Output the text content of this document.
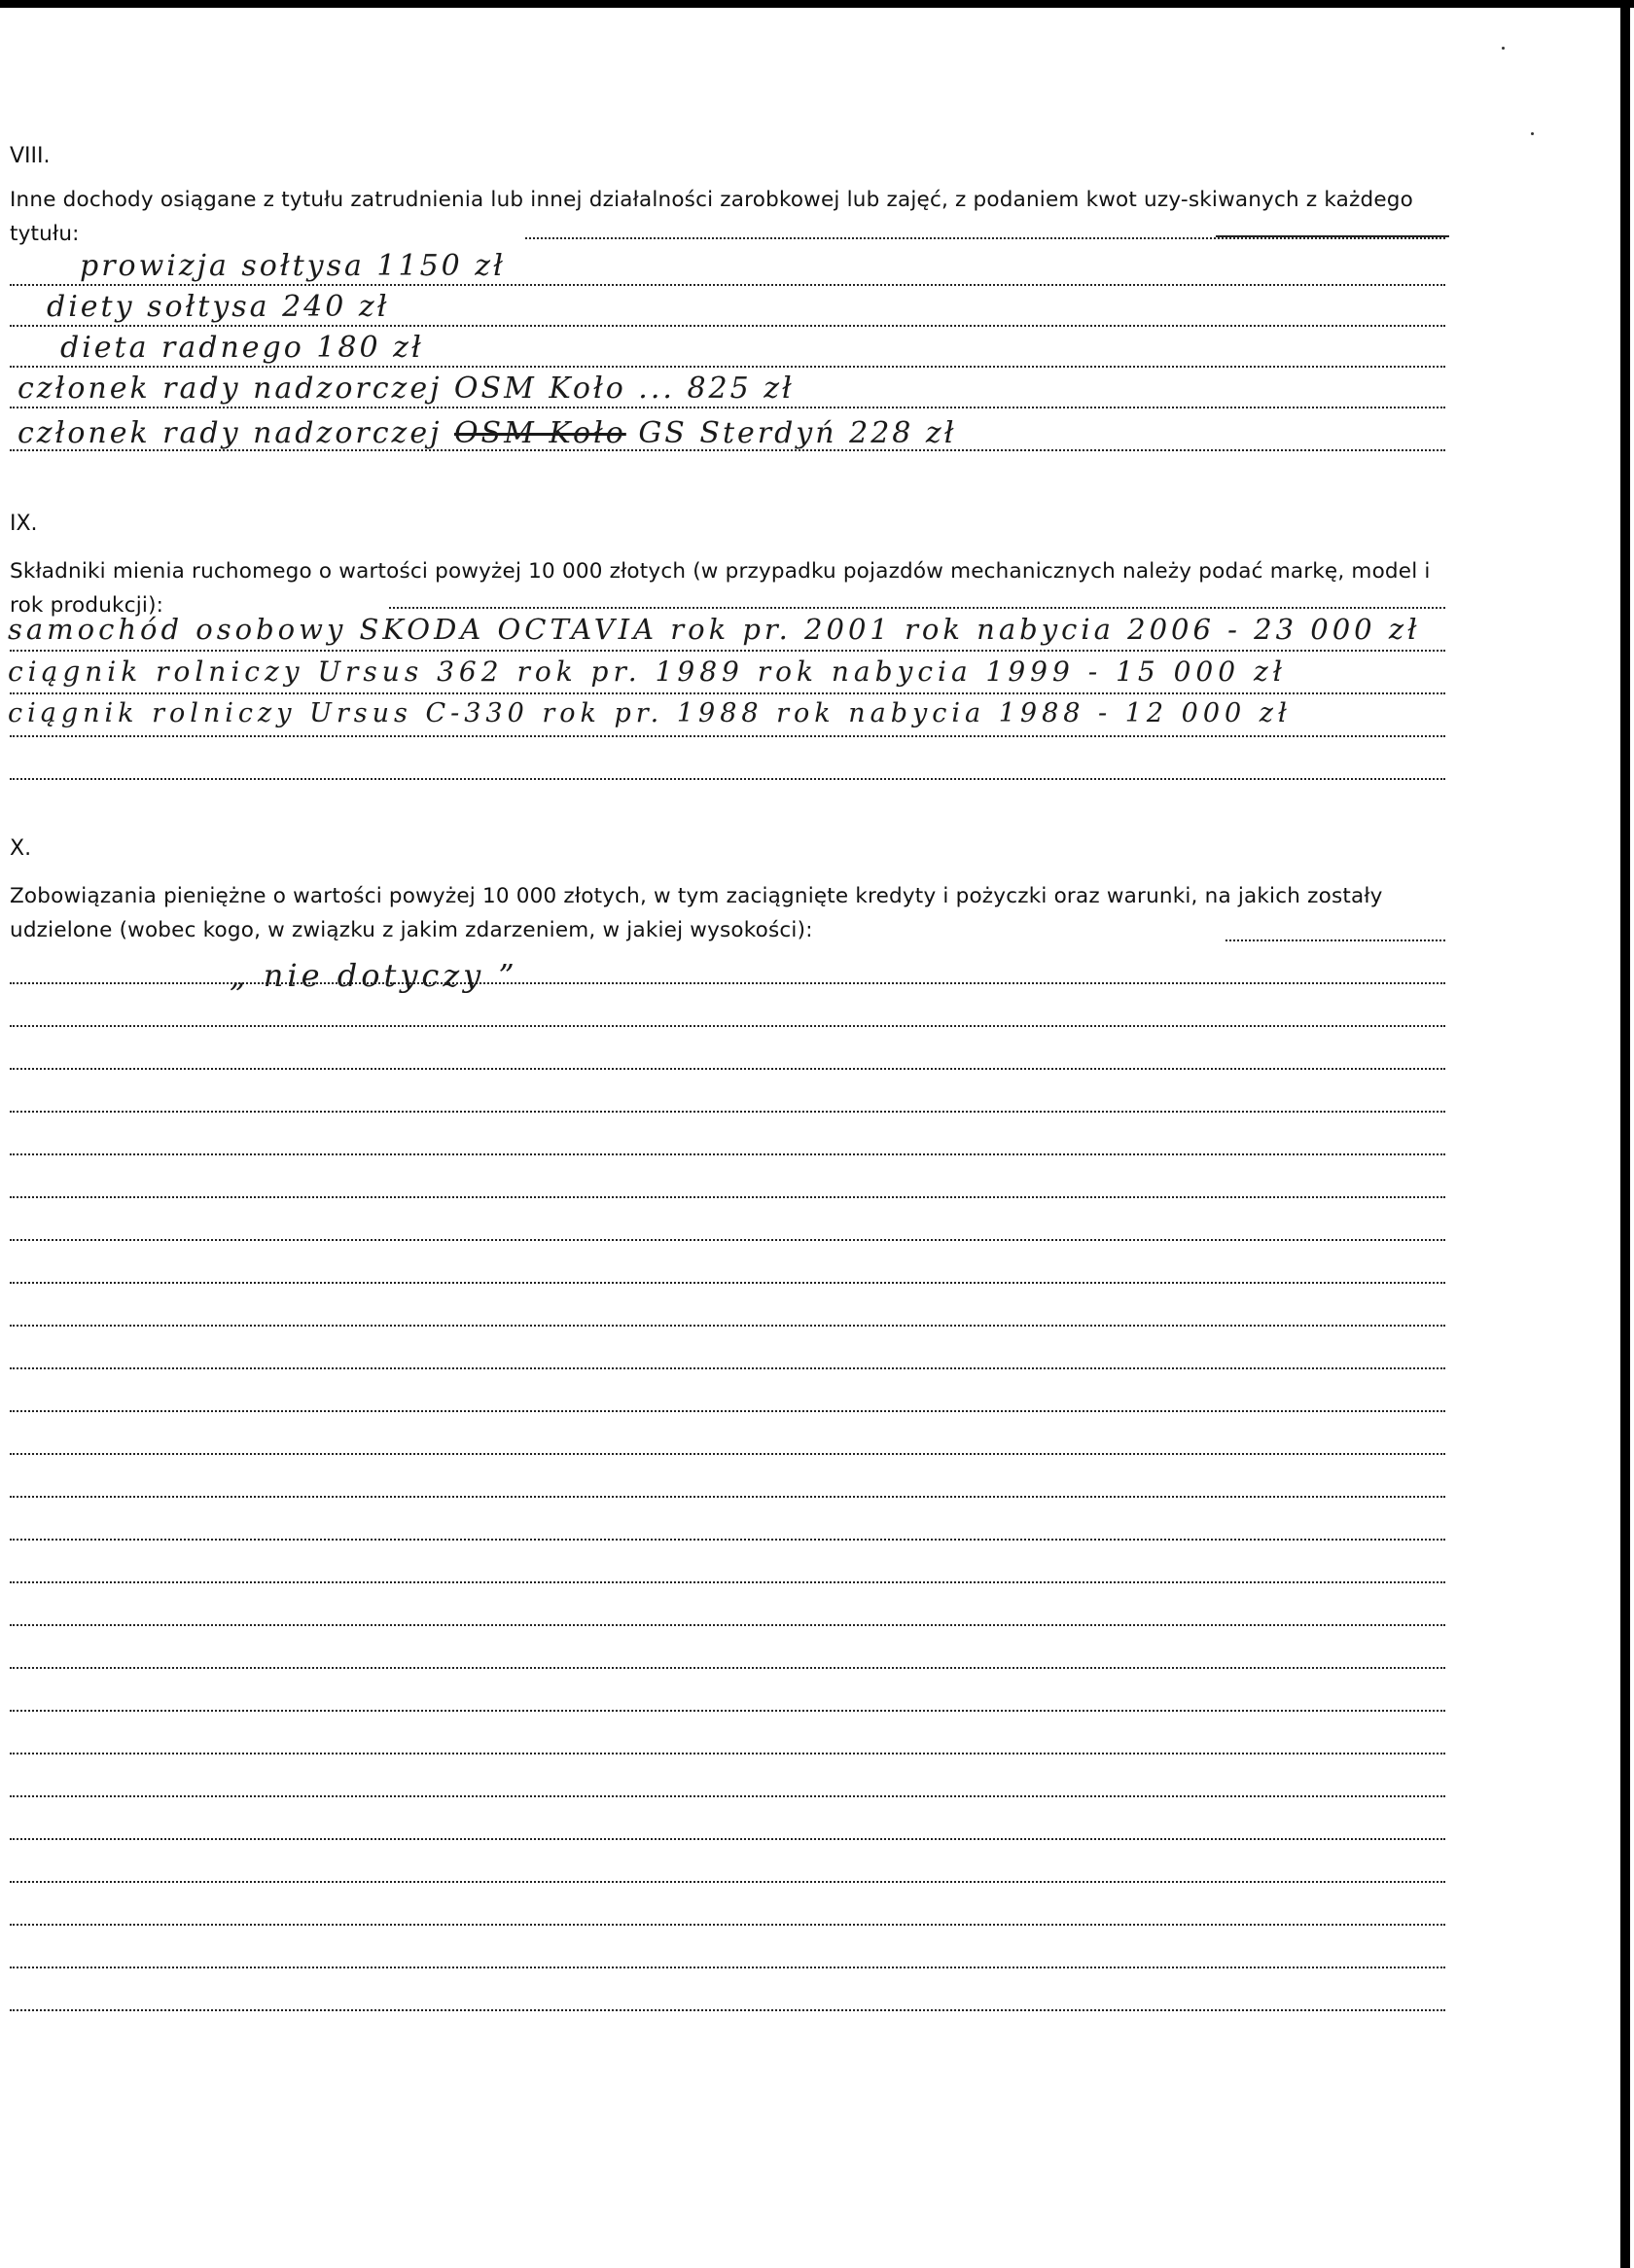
VIII.
Inne dochody osiągane z tytułu zatrudnienia lub innej działalności zarobkowej lub zajęć, z podaniem kwot uzy-skiwanych z każdego tytułu:
prowizja sołtysa 1150 zł
diety sołtysa 240 zł
dieta radnego 180 zł
członek rady nadzorczej OSM Koło ... 825 zł
członek rady nadzorczej OSM Koło GS Sterdyń 228 zł
IX.
Składniki mienia ruchomego o wartości powyżej 10 000 złotych (w przypadku pojazdów mechanicznych należy podać markę, model i rok produkcji):
samochód osobowy SKODA OCTAVIA rok pr. 2001 rok nabycia 2006 - 23 000 zł
ciągnik rolniczy Ursus 362 rok pr. 1989 rok nabycia 1999 - 15 000 zł
ciągnik rolniczy Ursus C-330 rok pr. 1988 rok nabycia 1988 - 12 000 zł
X.
Zobowiązania pieniężne o wartości powyżej 10 000 złotych, w tym zaciągnięte kredyty i pożyczki oraz warunki, na jakich zostały udzielone (wobec kogo, w związku z jakim zdarzeniem, w jakiej wysokości):
„ nie dotyczy ”
